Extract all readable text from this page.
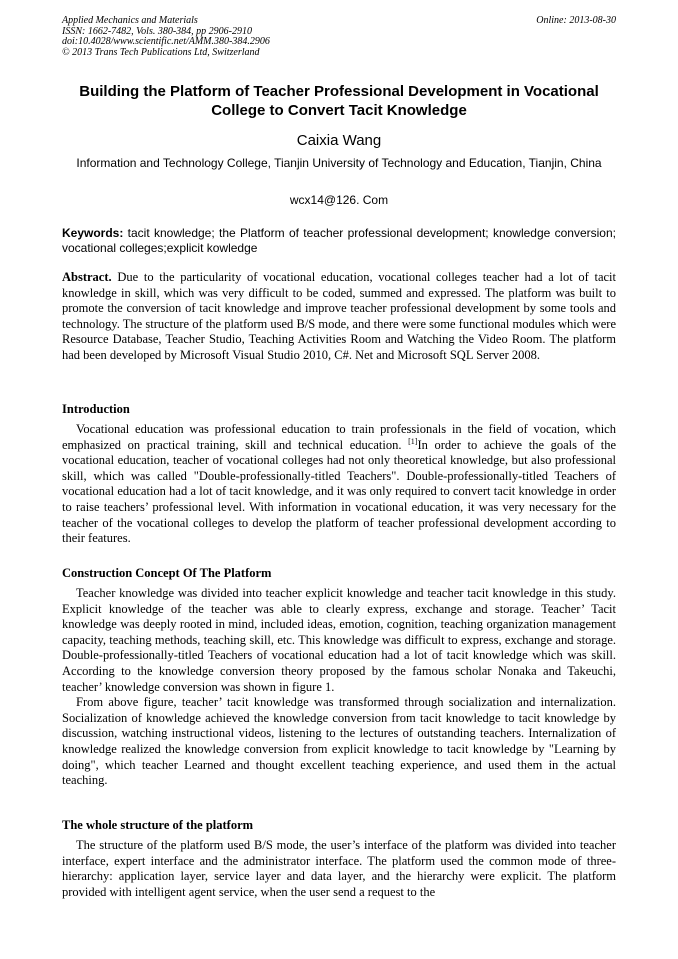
Applied Mechanics and Materials
ISSN: 1662-7482, Vols. 380-384, pp 2906-2910
doi:10.4028/www.scientific.net/AMM.380-384.2906
© 2013 Trans Tech Publications Ltd, Switzerland
Online: 2013-08-30
Building the Platform of Teacher Professional Development in Vocational College to Convert Tacit Knowledge
Caixia Wang
Information and Technology College, Tianjin University of Technology and Education, Tianjin, China
wcx14@126. Com
Keywords: tacit knowledge; the Platform of teacher professional development; knowledge conversion; vocational colleges;explicit kowledge
Abstract. Due to the particularity of vocational education, vocational colleges teacher had a lot of tacit knowledge in skill, which was very difficult to be coded, summed and expressed. The platform was built to promote the conversion of tacit knowledge and improve teacher professional development by some tools and technology. The structure of the platform used B/S mode, and there were some functional modules which were Resource Database, Teacher Studio, Teaching Activities Room and Watching the Video Room. The platform had been developed by Microsoft Visual Studio 2010, C#. Net and Microsoft SQL Server 2008.
Introduction

Vocational education was professional education to train professionals in the field of vocation, which emphasized on practical training, skill and technical education. [1]In order to achieve the goals of the vocational education, teacher of vocational colleges had not only theoretical knowledge, but also professional skill, which was called "Double-professionally-titled Teachers". Double-professionally-titled Teachers of vocational education had a lot of tacit knowledge, and it was only required to convert tacit knowledge in order to raise teachers’ professional level. With information in vocational education, it was very necessary for the teacher of the vocational colleges to develop the platform of teacher professional development according to their features.

Construction Concept Of The Platform

Teacher knowledge was divided into teacher explicit knowledge and teacher tacit knowledge in this study. Explicit knowledge of the teacher was able to clearly express, exchange and storage. Teacher’ Tacit knowledge was deeply rooted in mind, included ideas, emotion, cognition, teaching organization management capacity, teaching methods, teaching skill, etc. This knowledge was difficult to express, exchange and storage. Double-professionally-titled Teachers of vocational education had a lot of tacit knowledge which was skill. According to the knowledge conversion theory proposed by the famous scholar Nonaka and Takeuchi, teacher’ knowledge conversion was shown in figure 1.

From above figure, teacher’ tacit knowledge was transformed through socialization and internalization. Socialization of knowledge achieved the knowledge conversion from tacit knowledge to tacit knowledge by discussion, watching instructional videos, listening to the lectures of outstanding teachers. Internalization of knowledge realized the knowledge conversion from explicit knowledge to tacit knowledge by "Learning by doing", which teacher Learned and thought excellent teaching experience, and used them in the actual teaching.

The whole structure of the platform

The structure of the platform used B/S mode, the user’s interface of the platform was divided into teacher interface, expert interface and the administrator interface. The platform used the common mode of three-hierarchy: application layer, service layer and data layer, and the hierarchy were explicit. The platform provided with intelligent agent service, when the user send a request to the
